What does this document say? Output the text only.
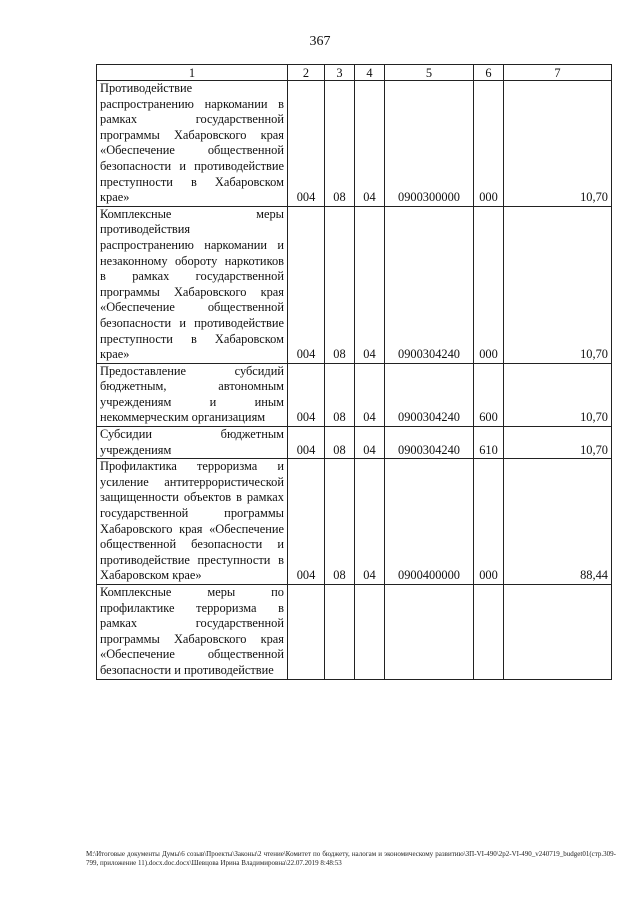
367
1	2	3	4	5	6	7
Противодействие распространению наркомании в рамках государственной программы Хабаровского края «Обеспечение общественной безопасности и противодействие преступности в Хабаровском крае»	004	08	04	0900300000	000	10,70
Комплексные меры противодействия распространению наркомании и незаконному обороту наркотиков в рамках государственной программы Хабаровского края «Обеспечение общественной безопасности и противодействие преступности в Хабаровском крае»	004	08	04	0900304240	000	10,70
Предоставление субсидий бюджетным, автономным учреждениям и иным некоммерческим организациям	004	08	04	0900304240	600	10,70
Субсидии бюджетным учреждениям	004	08	04	0900304240	610	10,70
Профилактика терроризма и усиление антитеррористической защищенности объектов в рамках государственной программы Хабаровского края «Обеспечение общественной безопасности и противодействие преступности в Хабаровском крае»	004	08	04	0900400000	000	88,44
Комплексные меры по профилактике терроризма в рамках государственной программы Хабаровского края «Обеспечение общественной безопасности и противодействие						
M:\Итоговые документы Думы\6 созыв\Проекты\Законы\2 чтение\Комитет по бюджету, налогам и экономическому развитию\ЗП-VI-490\2р2-VI-490_v240719_budget01(стр.309-799, приложение 11).docx.doc.docx\Шевцова Ирина Владимировна\22.07.2019 8:48:53
